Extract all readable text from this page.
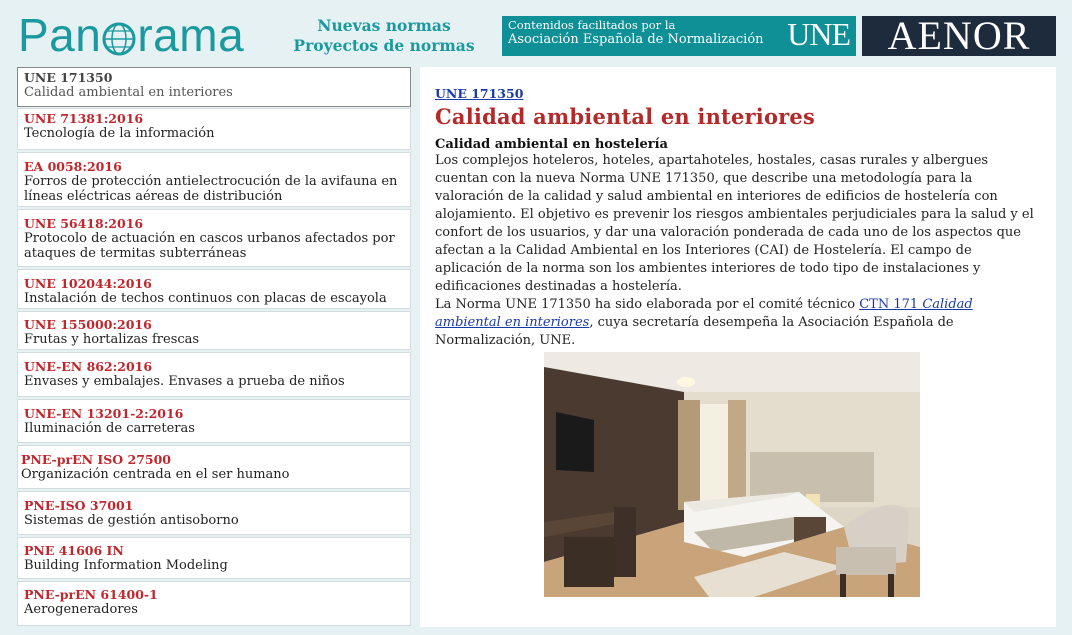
Pan rama	Nuevas normas
Proyectos de normas
Contenidos facilitados por la
Asociación Española de Normalización UNE AENOR
UNE 171350
Calidad ambiental en interiores
UNE 71381:2016
Tecnología de la información
EA 0058:2016
Forros de protección antielectrocución de la avifauna en líneas eléctricas aéreas de distribución
UNE 56418:2016
Protocolo de actuación en cascos urbanos afectados por ataques de termitas subterráneas
UNE 102044:2016
Instalación de techos continuos con placas de escayola
UNE 155000:2016
Frutas y hortalizas frescas
UNE-EN 862:2016
Envases y embalajes. Envases a prueba de niños
UNE-EN 13201-2:2016
Iluminación de carreteras
PNE-prEN ISO 27500
Organización centrada en el ser humano
PNE-ISO 37001
Sistemas de gestión antisoborno
PNE 41606 IN
Building Information Modeling
PNE-prEN 61400-1
Aerogeneradores
UNE 171350
Calidad ambiental en interiores
Calidad ambiental en hostelería

Los complejos hoteleros, hoteles, apartahoteles, hostales, casas rurales y albergues cuentan con la nueva Norma UNE 171350, que describe una metodología para la valoración de la calidad y salud ambiental en interiores de edificios de hostelería con alojamiento. El objetivo es prevenir los riesgos ambientales perjudiciales para la salud y el confort de los usuarios, y dar una valoración ponderada de cada uno de los aspectos que afectan a la Calidad Ambiental en los Interiores (CAI) de Hostelería. El campo de aplicación de la norma son los ambientes interiores de todo tipo de instalaciones y edificaciones destinadas a hostelería.

La Norma UNE 171350 ha sido elaborada por el comité técnico CTN 171 Calidad ambiental en interiores, cuya secretaría desempeña la Asociación Española de Normalización, UNE.
